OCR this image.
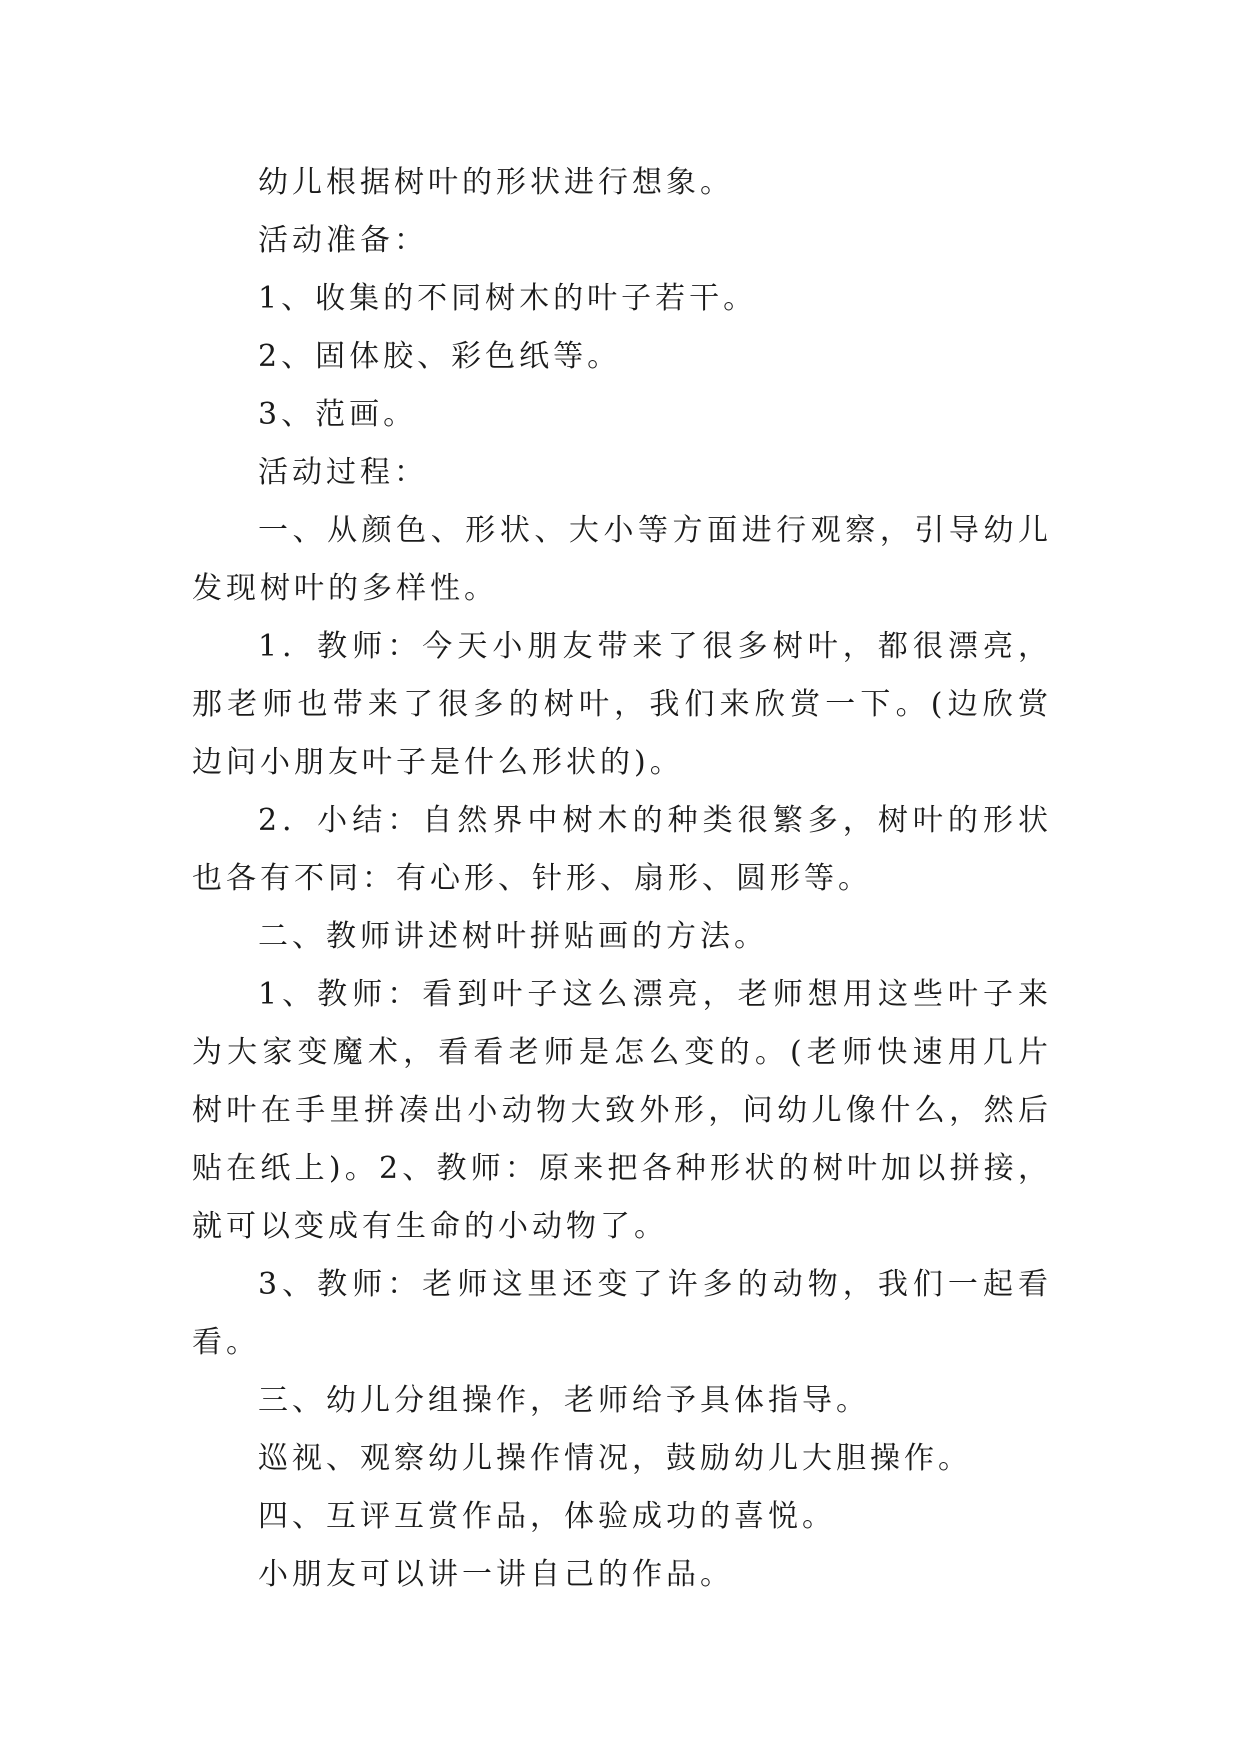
幼儿根据树叶的形状进行想象。

活动准备：

1、收集的不同树木的叶子若干。

2、固体胶、彩色纸等。

3、范画。

活动过程：

一、从颜色、形状、大小等方面进行观察，引导幼儿发现树叶的多样性。

1．教师：今天小朋友带来了很多树叶，都很漂亮，那老师也带来了很多的树叶，我们来欣赏一下。(边欣赏边问小朋友叶子是什么形状的)。

2．小结：自然界中树木的种类很繁多，树叶的形状也各有不同：有心形、针形、扇形、圆形等。

二、教师讲述树叶拼贴画的方法。

1、教师：看到叶子这么漂亮，老师想用这些叶子来为大家变魔术，看看老师是怎么变的。(老师快速用几片树叶在手里拼凑出小动物大致外形，问幼儿像什么，然后贴在纸上)。2、教师：原来把各种形状的树叶加以拼接，就可以变成有生命的小动物了。

3、教师：老师这里还变了许多的动物，我们一起看看。

三、幼儿分组操作，老师给予具体指导。

巡视、观察幼儿操作情况，鼓励幼儿大胆操作。

四、互评互赏作品，体验成功的喜悦。

小朋友可以讲一讲自己的作品。
